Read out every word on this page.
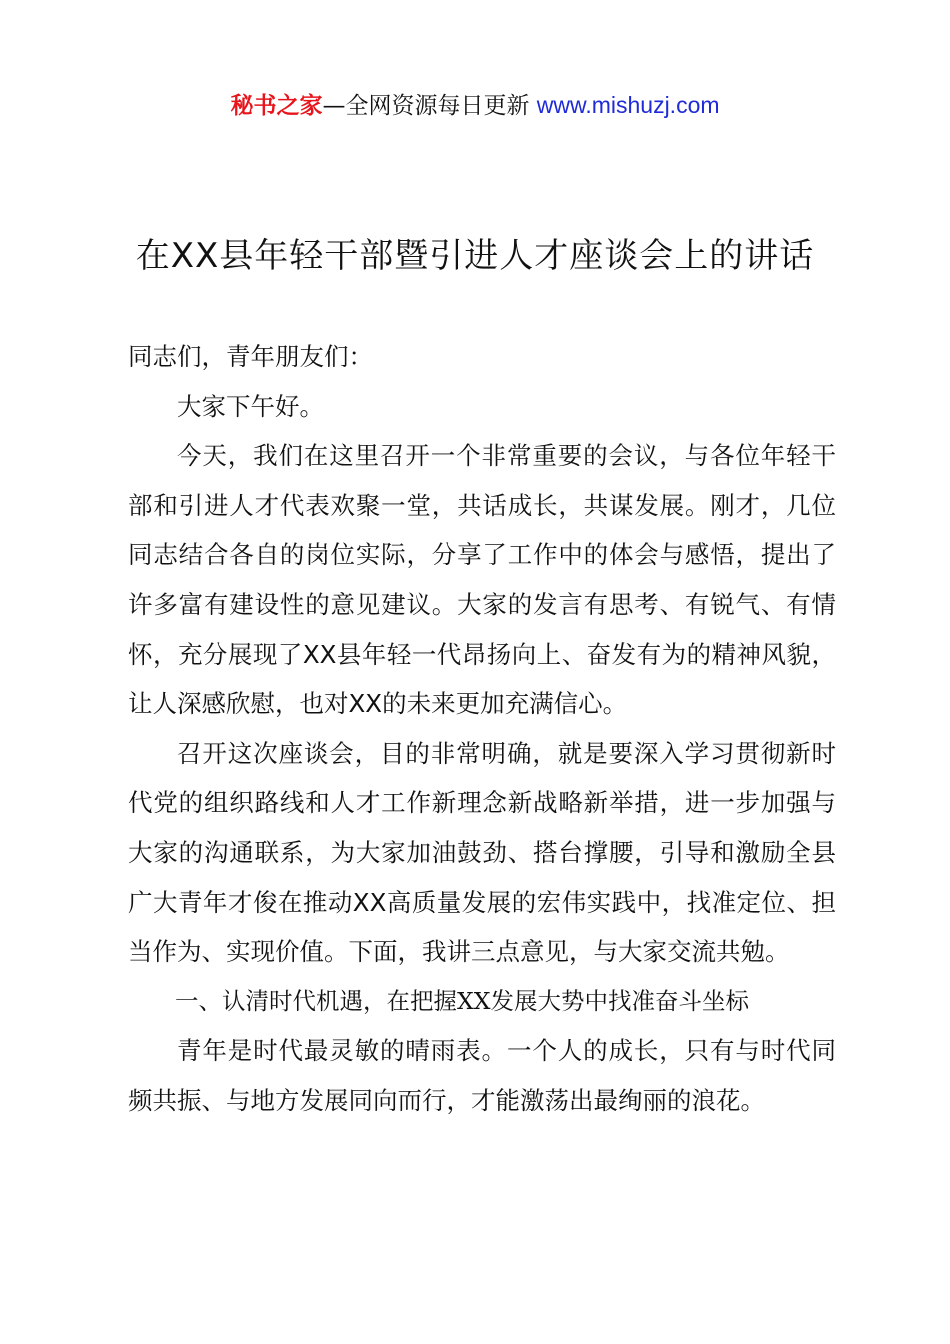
秘书之家—全网资源每日更新 www.mishuzj.com
在XX县年轻干部暨引进人才座谈会上的讲话

同志们，青年朋友们：

大家下午好。

今天，我们在这里召开一个非常重要的会议，与各位年轻干部和引进人才代表欢聚一堂，共话成长，共谋发展。刚才，几位同志结合各自的岗位实际，分享了工作中的体会与感悟，提出了许多富有建设性的意见建议。大家的发言有思考、有锐气、有情怀，充分展现了XX县年轻一代昂扬向上、奋发有为的精神风貌，让人深感欣慰，也对XX的未来更加充满信心。

召开这次座谈会，目的非常明确，就是要深入学习贯彻新时代党的组织路线和人才工作新理念新战略新举措，进一步加强与大家的沟通联系，为大家加油鼓劲、搭台撑腰，引导和激励全县广大青年才俊在推动XX高质量发展的宏伟实践中，找准定位、担当作为、实现价值。下面，我讲三点意见，与大家交流共勉。

一、认清时代机遇，在把握XX发展大势中找准奋斗坐标

青年是时代最灵敏的晴雨表。一个人的成长，只有与时代同频共振、与地方发展同向而行，才能激荡出最绚丽的浪花。
